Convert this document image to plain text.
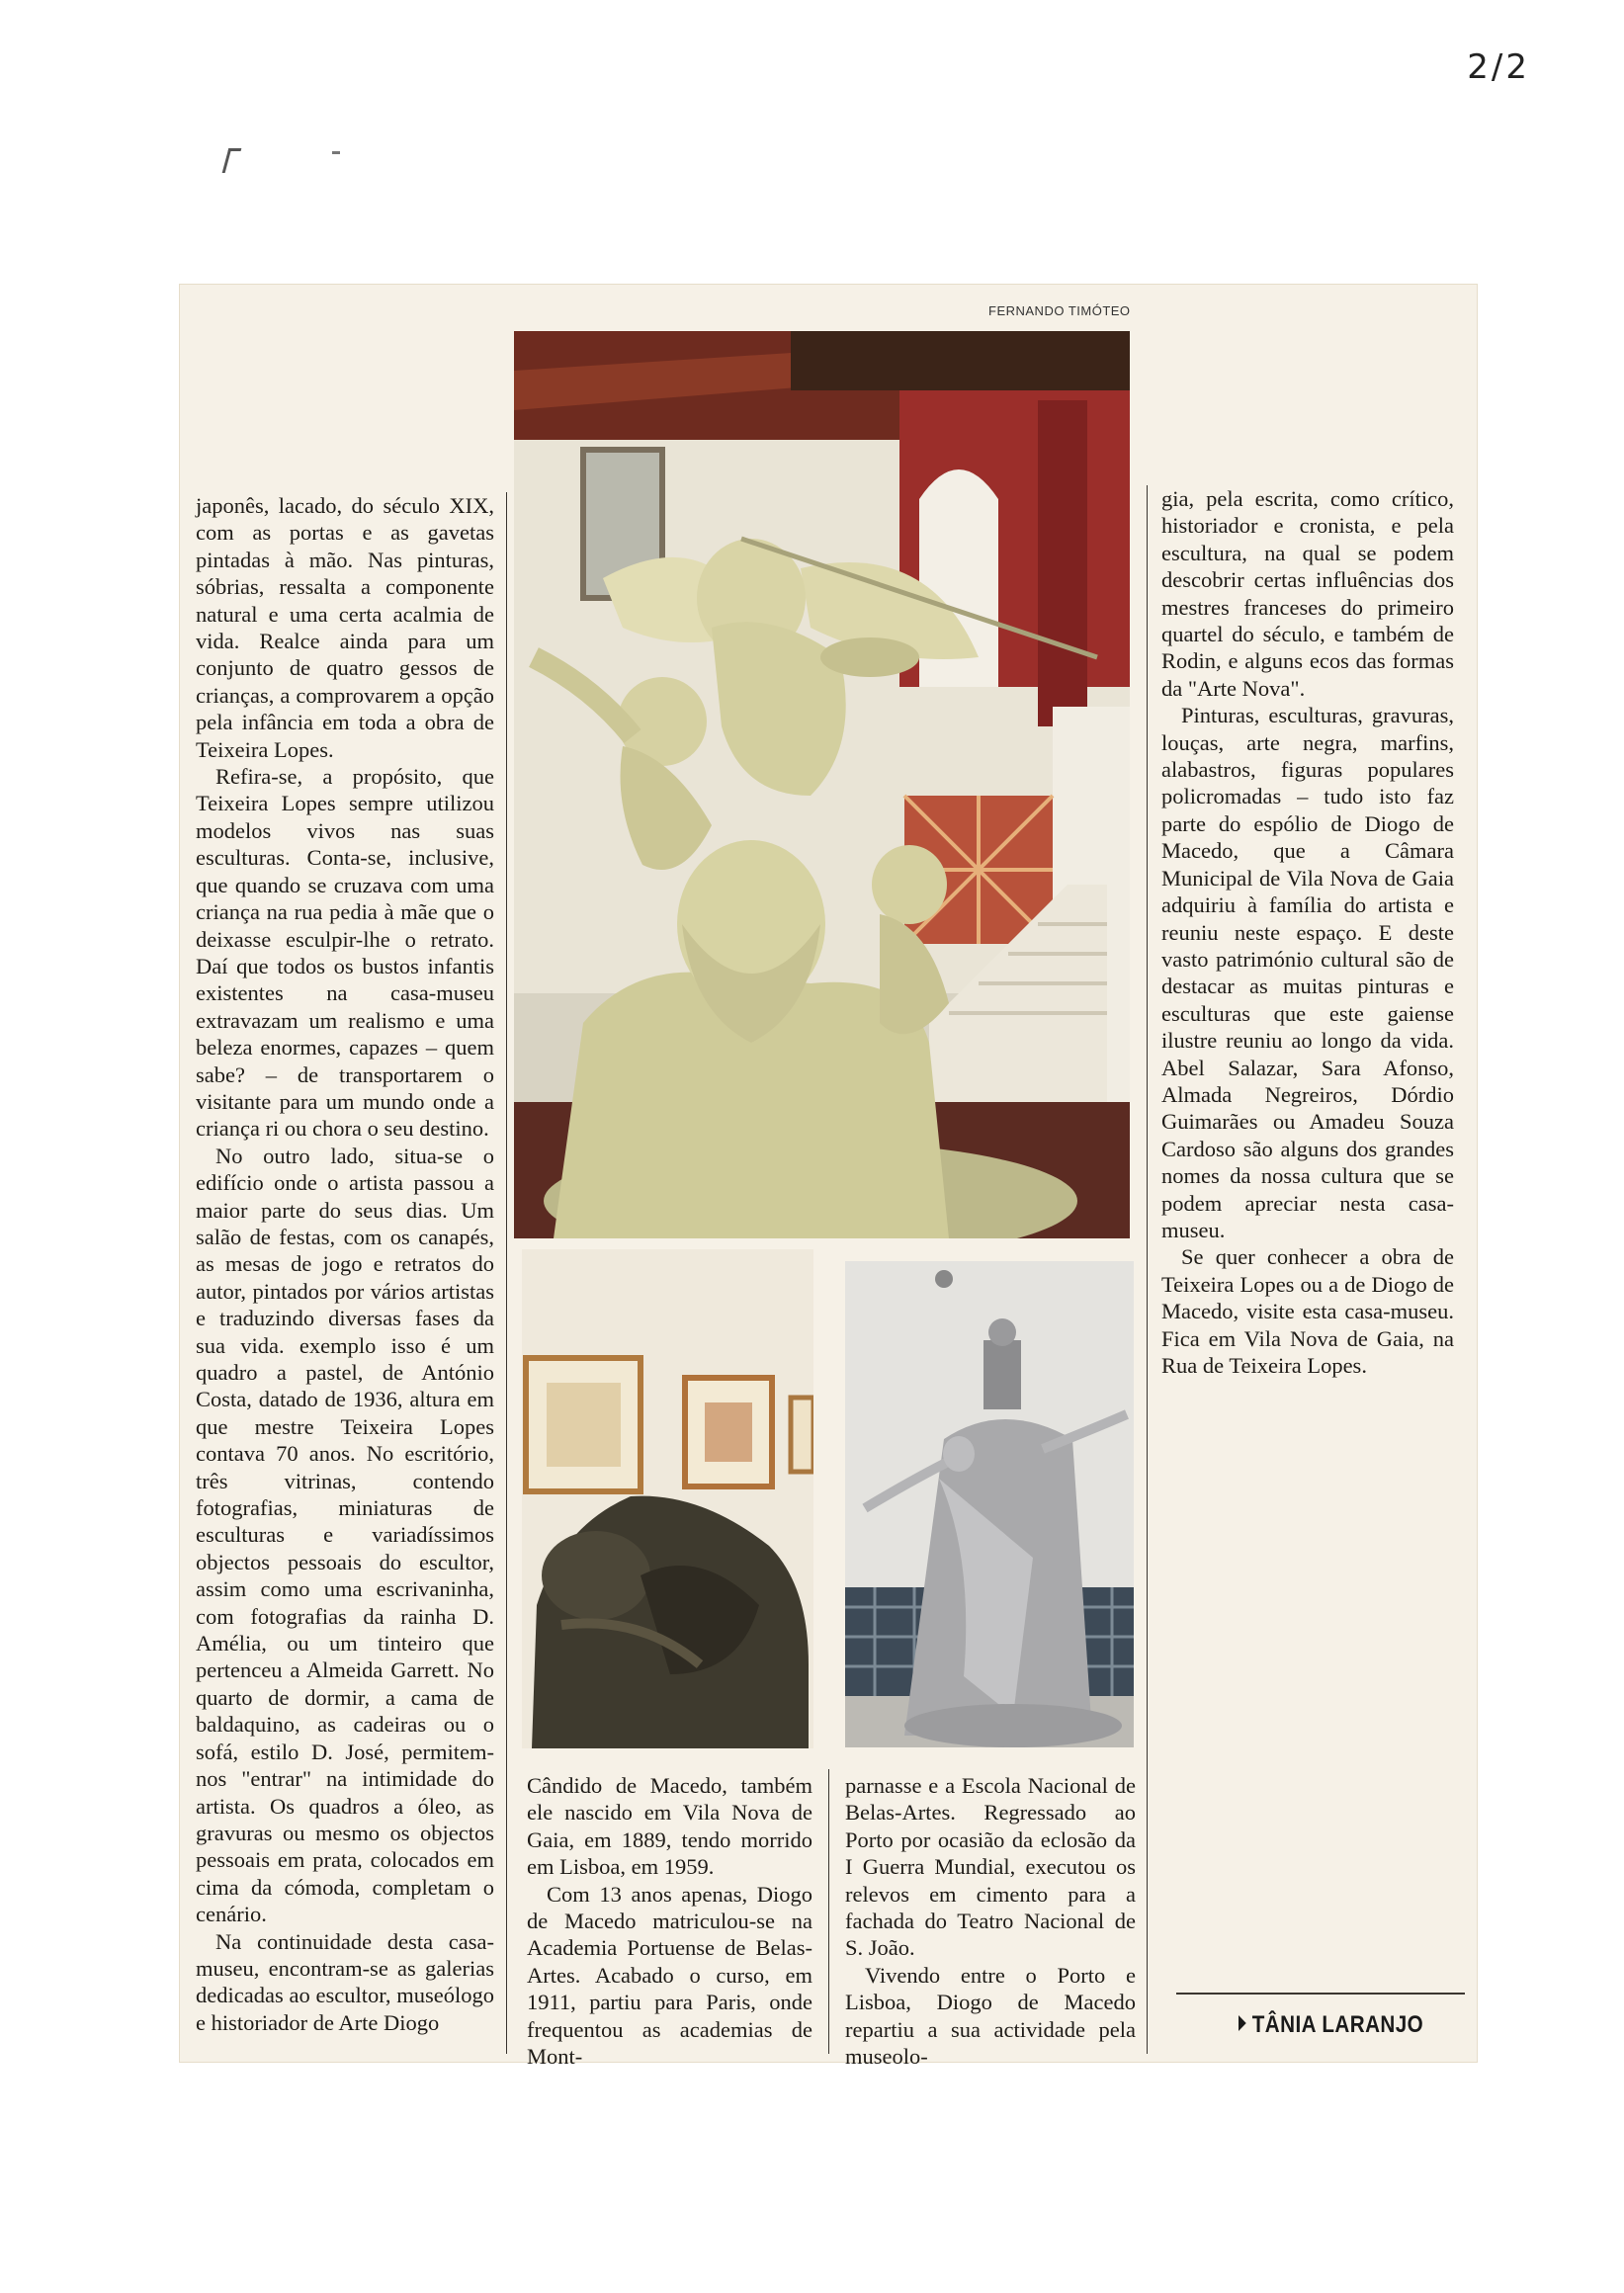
2/2
FERNANDO TIMÓTEO

japonês, lacado, do século XIX, com as portas e as gavetas pintadas à mão. Nas pinturas, sóbrias, ressalta a componente natural e uma certa acalmia de vida. Realce ainda para um conjunto de quatro gessos de crianças, a comprovarem a opção pela infância em toda a obra de Teixeira Lopes.

Refira-se, a propósito, que Teixeira Lopes sempre utilizou modelos vivos nas suas esculturas. Conta-se, inclusive, que quando se cruzava com uma criança na rua pedia à mãe que o deixasse esculpir-lhe o retrato. Daí que todos os bustos infantis existentes na casa-museu extravazam um realismo e uma beleza enormes, capazes – quem sabe? – de transportarem o visitante para um mundo onde a criança ri ou chora o seu destino.

No outro lado, situa-se o edifício onde o artista passou a maior parte do seus dias. Um salão de festas, com os canapés, as mesas de jogo e retratos do autor, pintados por vários artistas e traduzindo diversas fases da sua vida. exemplo isso é um quadro a pastel, de António Costa, datado de 1936, altura em que mestre Teixeira Lopes contava 70 anos. No escritório, três vitrinas, contendo fotografias, miniaturas de esculturas e variadíssimos objectos pessoais do escultor, assim como uma escrivaninha, com fotografias da rainha D. Amélia, ou um tinteiro que pertenceu a Almeida Garrett. No quarto de dormir, a cama de baldaquino, as cadeiras ou o sofá, estilo D. José, permitem-nos "entrar" na intimidade do artista. Os quadros a óleo, as gravuras ou mesmo os objectos pessoais em prata, colocados em cima da cómoda, completam o cenário.

Na continuidade desta casa-museu, encontram-se as galerias dedicadas ao escultor, museólogo e historiador de Arte Diogo

Cândido de Macedo, também ele nascido em Vila Nova de Gaia, em 1889, tendo morrido em Lisboa, em 1959.

Com 13 anos apenas, Diogo de Macedo matriculou-se na Academia Portuense de Belas-Artes. Acabado o curso, em 1911, partiu para Paris, onde frequentou as academias de Mont-

parnasse e a Escola Nacional de Belas-Artes. Regressado ao Porto por ocasião da eclosão da I Guerra Mundial, executou os relevos em cimento para a fachada do Teatro Nacional de S. João.

Vivendo entre o Porto e Lisboa, Diogo de Macedo repartiu a sua actividade pela museolo-

gia, pela escrita, como crítico, historiador e cronista, e pela escultura, na qual se podem descobrir certas influências dos mestres franceses do primeiro quartel do século, e também de Rodin, e alguns ecos das formas da "Arte Nova".

Pinturas, esculturas, gravuras, louças, arte negra, marfins, alabastros, figuras populares policromadas – tudo isto faz parte do espólio de Diogo de Macedo, que a Câmara Municipal de Vila Nova de Gaia adquiriu à família do artista e reuniu neste espaço. E deste vasto património cultural são de destacar as muitas pinturas e esculturas que este gaiense ilustre reuniu ao longo da vida. Abel Salazar, Sara Afonso, Almada Negreiros, Dórdio Guimarães ou Amadeu Souza Cardoso são alguns dos grandes nomes da nossa cultura que se podem apreciar nesta casa-museu.

Se quer conhecer a obra de Teixeira Lopes ou a de Diogo de Macedo, visite esta casa-museu. Fica em Vila Nova de Gaia, na Rua de Teixeira Lopes.

TÂNIA LARANJO
